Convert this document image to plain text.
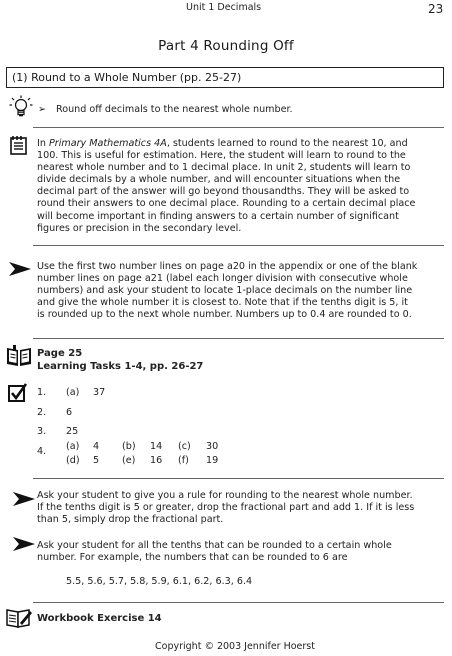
Unit 1 Decimals	23
Part 4 Rounding Off
(1) Round to a Whole Number (pp. 25-27)
➢ Round off decimals to the nearest whole number.
In Primary Mathematics 4A, students learned to round to the nearest 10, and
100. This is useful for estimation. Here, the student will learn to round to the
nearest whole number and to 1 decimal place. In unit 2, students will learn to
divide decimals by a whole number, and will encounter situations when the
decimal part of the answer will go beyond thousandths. They will be asked to
round their answers to one decimal place. Rounding to a certain decimal place
will become important in finding answers to a certain number of significant
figures or precision in the secondary level.
Use the first two number lines on page a20 in the appendix or one of the blank
number lines on page a21 (label each longer division with consecutive whole
numbers) and ask your student to locate 1-place decimals on the number line
and give the whole number it is closest to. Note that if the tenths digit is 5, it
is rounded up to the next whole number. Numbers up to 0.4 are rounded to 0.
Page 25
Learning Tasks 1-4, pp. 26-27
1. (a) 37
2. 6
3. 25
4. (a) 4 (b) 14 (c) 30
(d) 5 (e) 16 (f) 19
Ask your student to give you a rule for rounding to the nearest whole number.
If the tenths digit is 5 or greater, drop the fractional part and add 1. If it is less
than 5, simply drop the fractional part.
Ask your student for all the tenths that can be rounded to a certain whole
number. For example, the numbers that can be rounded to 6 are
5.5, 5.6, 5.7, 5.8, 5.9, 6.1, 6.2, 6.3, 6.4
Workbook Exercise 14
Copyright © 2003 Jennifer Hoerst
